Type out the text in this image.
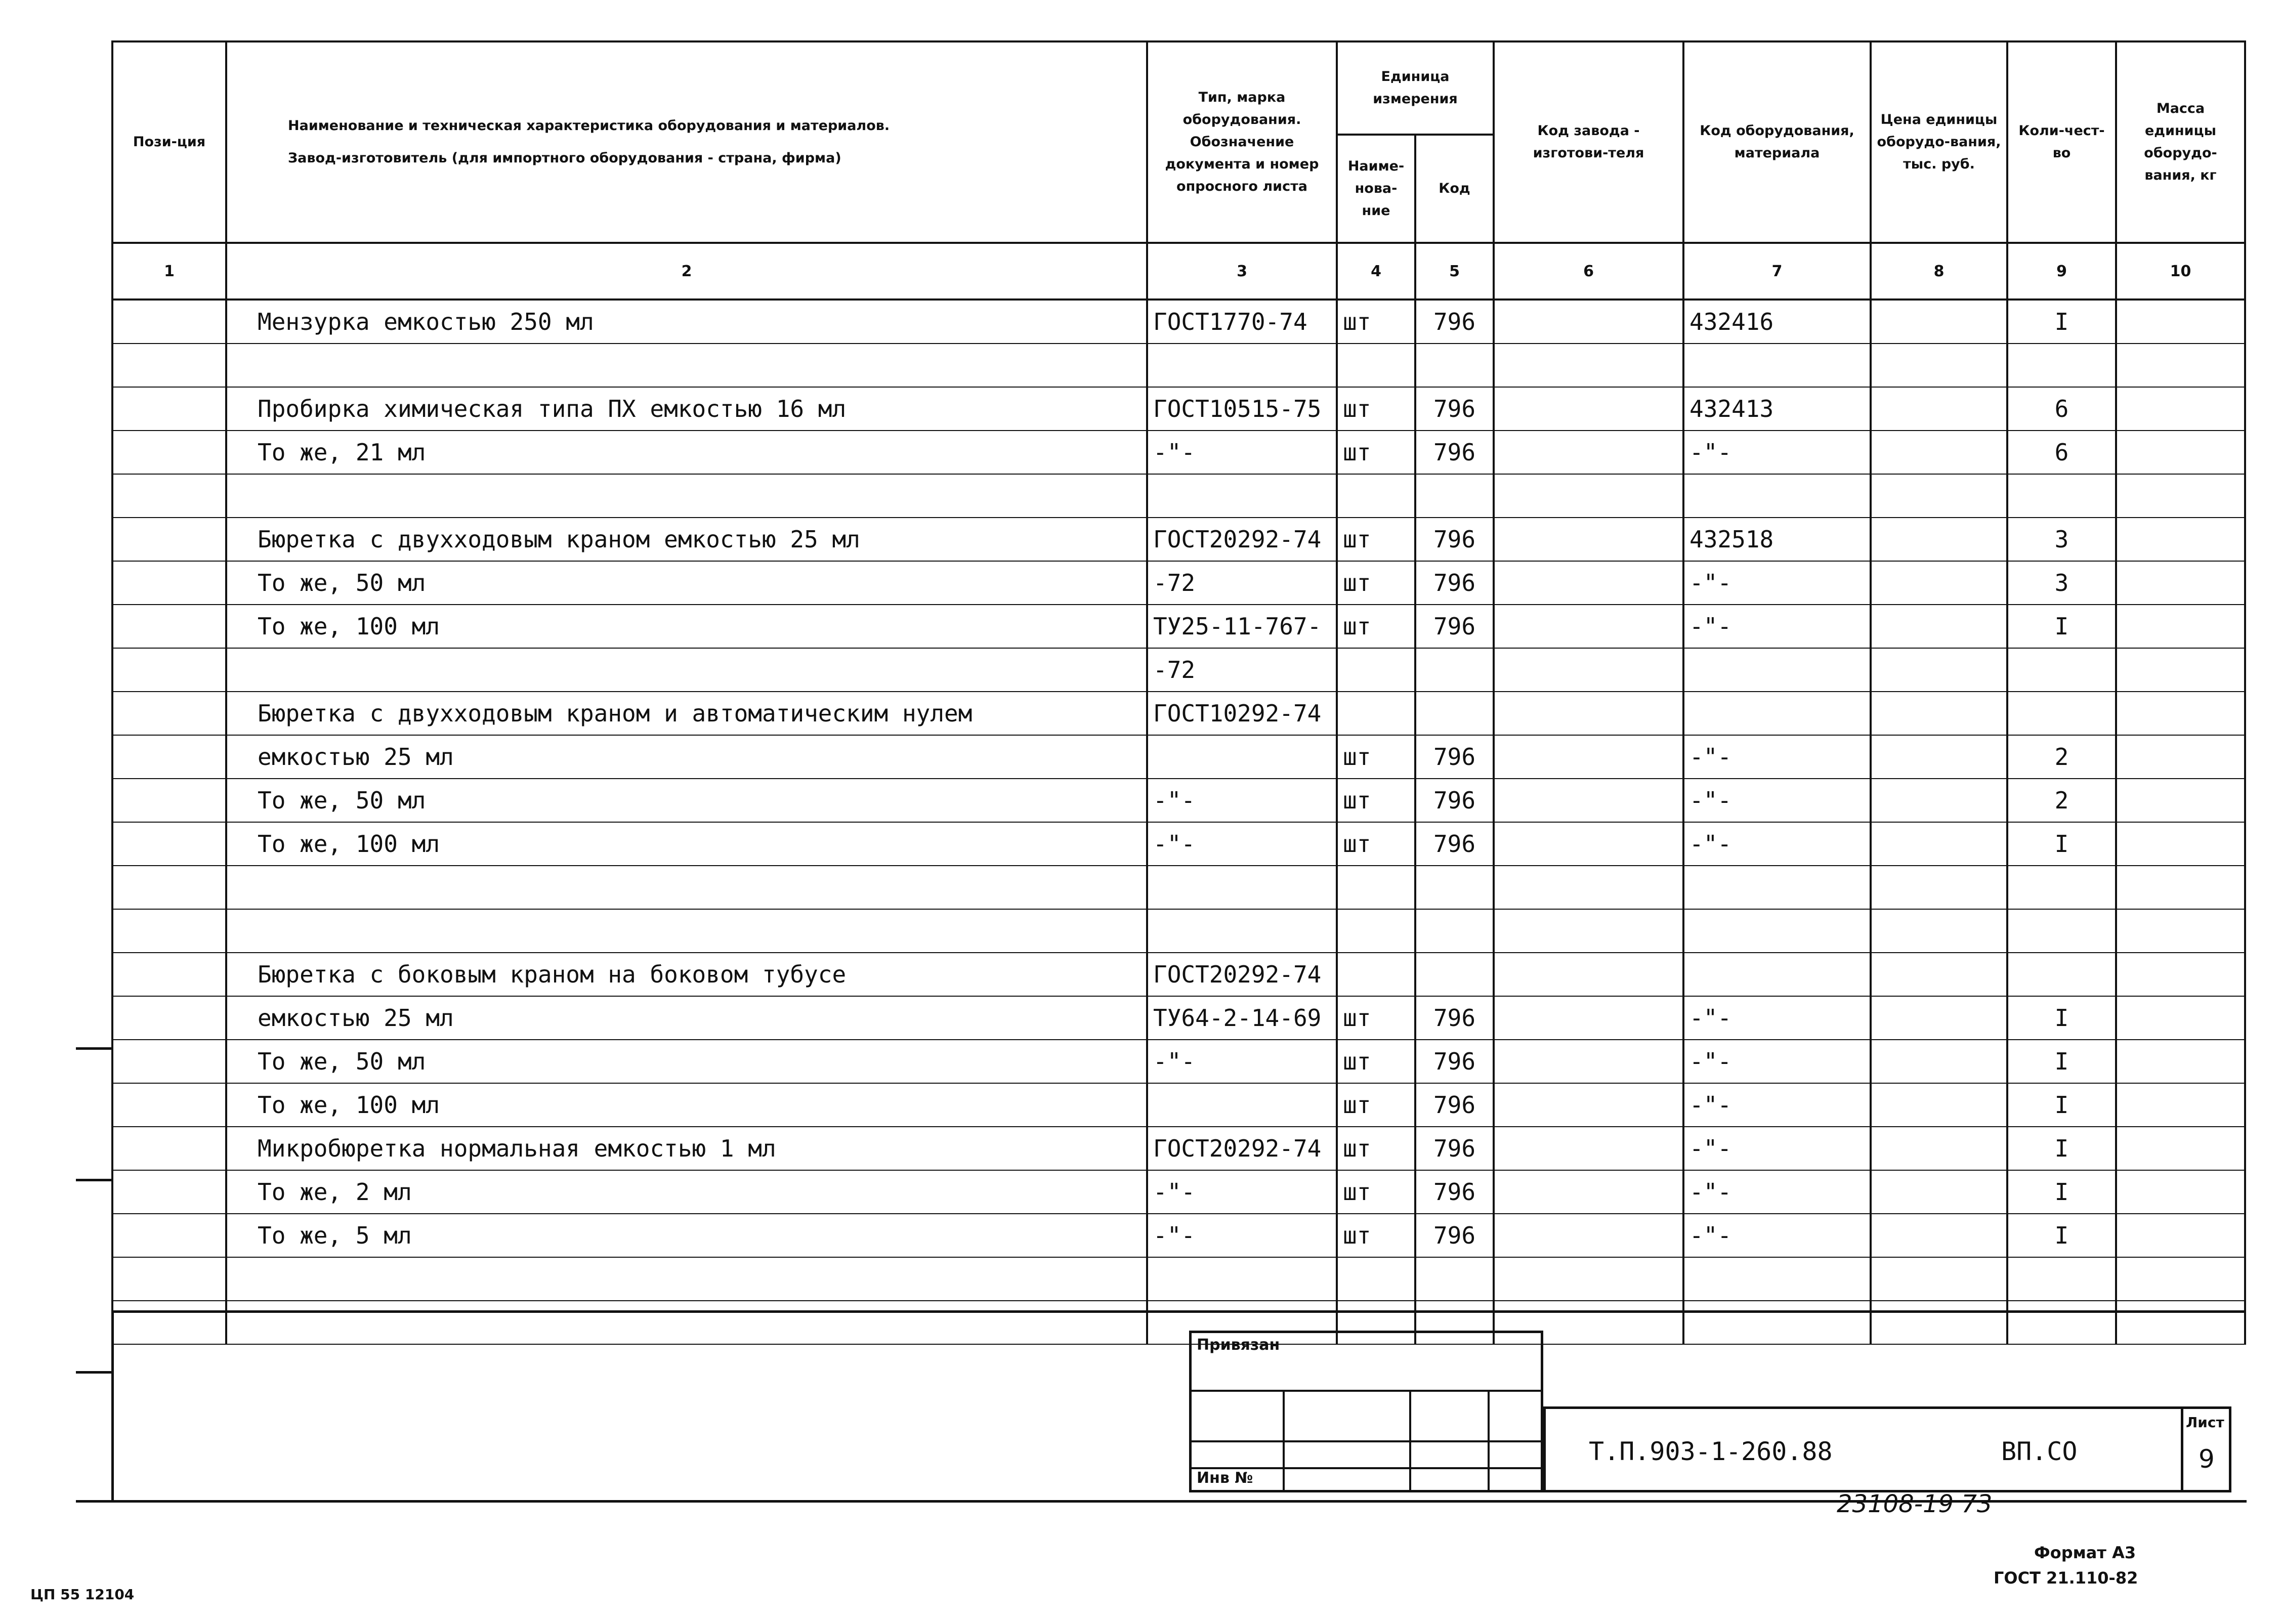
Пози-ция	Наименование и техническая характеристика оборудования и материалов.
Завод-изготовитель (для импортного оборудования - страна, фирма)	Тип, марка оборудования. Обозначение документа и номер опросного листа	Единица измерения		Код завода - изготови-теля	Код оборудования, материала	Цена единицы оборудо-вания, тыс. руб.	Коли-чест-во	Масса единицы оборудо-вания, кг
			Наиме-нова-ние	Код					
1	2	3	4	5	6	7	8	9	10
	Мензурка емкостью 250 мл	ГОСТ1770-74	шт	796		432416		I	

	Пробирка химическая типа ПХ емкостью 16 мл	ГОСТ10515-75	шт	796		432413		6	
	То же, 21 мл	-"-	шт	796		-"-		6	

	Бюретка с двухходовым краном емкостью 25 мл	ГОСТ20292-74	шт	796		432518		3	
	То же, 50 мл	-72	шт	796		-"-		3	
	То же, 100 мл	ТУ25-11-767-	шт	796		-"-		I	
		-72							
	Бюретка с двухходовым краном и автоматическим нулем	ГОСТ10292-74							
	емкостью 25 мл		шт	796		-"-		2	
	То же, 50 мл	-"-	шт	796		-"-		2	
	То же, 100 мл	-"-	шт	796		-"-		I	

	Бюретка с боковым краном на боковом тубусе	ГОСТ20292-74							
	емкостью 25 мл	ТУ64-2-14-69	шт	796		-"-		I	
	То же, 50 мл	-"-	шт	796		-"-		I	
	То же, 100 мл		шт	796		-"-		I	
	Микробюретка нормальная емкостью 1 мл	ГОСТ20292-74	шт	796		-"-		I	
	То же, 2 мл	-"-	шт	796		-"-		I	
	То же, 5 мл	-"-	шт	796		-"-		I	

Привязан
Инв №
Т.П.903-1-260.88	ВП.СО
Лист
9
23108-19 73
Формат А3
ГОСТ 21.110-82
ЦП 55 12104
